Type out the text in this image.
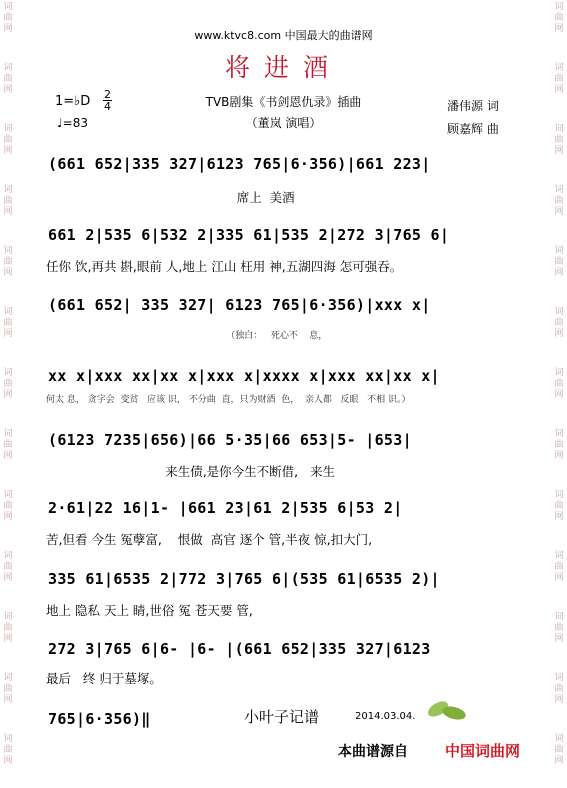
词
曲
网
词
曲
网
词
曲
网
词
曲
网
词
曲
网
词
曲
网
词
曲
网
词
曲
网
词
曲
网
词
曲
网
词
曲
网
词
曲
网
词
曲
网
词
曲
网
词
曲
网
词
曲
网
词
曲
网
词
曲
网
词
曲
网
词
曲
网
词
曲
网
词
曲
网
词
曲
网
词
曲
网
词
曲
网
词
曲
网
www.ktvc8.com 中国最大的曲谱网
将进酒
1=♭D 2
4
♩=83
TVB剧集《书剑恩仇录》插曲
（董岚 演唱）
潘伟源 词
顾嘉辉 曲
(661 652|335 327|6123 765|6·356)|661 223|
席上  美酒
661 2|535 6|532 2|335 61|535 2|272 3|765 6|
任你 饮,再共 斟,眼前 人,地上 江山 枉用 神,五湖四海 怎可强吞。
(661 652| 335 327| 6123 765|6·356)|xxx x|
（独白：   死心不    息，
xx x|xxx xx|xx x|xxx x|xxxx x|xxx xx|xx x|
何太 息， 贪字会  变贫   应该 识， 不分曲  直，只为财酒  色，  亲人都   反眼   不相 识。）
(6123 7235|656)|66 5·35|66 653|5- |653|
来生债,是你今生不断借,   来生
2·61|22 16|1- |661 23|61 2|535 6|53 2|
苦,但看 今生 冤孽富,    恨做  高官 逐个 管,半夜 惊,扣大门,
335 61|6535 2|772 3|765 6|(535 61|6535 2)|
地上 隐私 天上 睛,世俗 冤 苍天要 管,
272 3|765 6|6- |6- |(661 652|335 327|6123
最后   终 归于墓塚。
765|6·356)‖	小叶子记谱	2014.03.04.
本曲谱源自 中国词曲网
